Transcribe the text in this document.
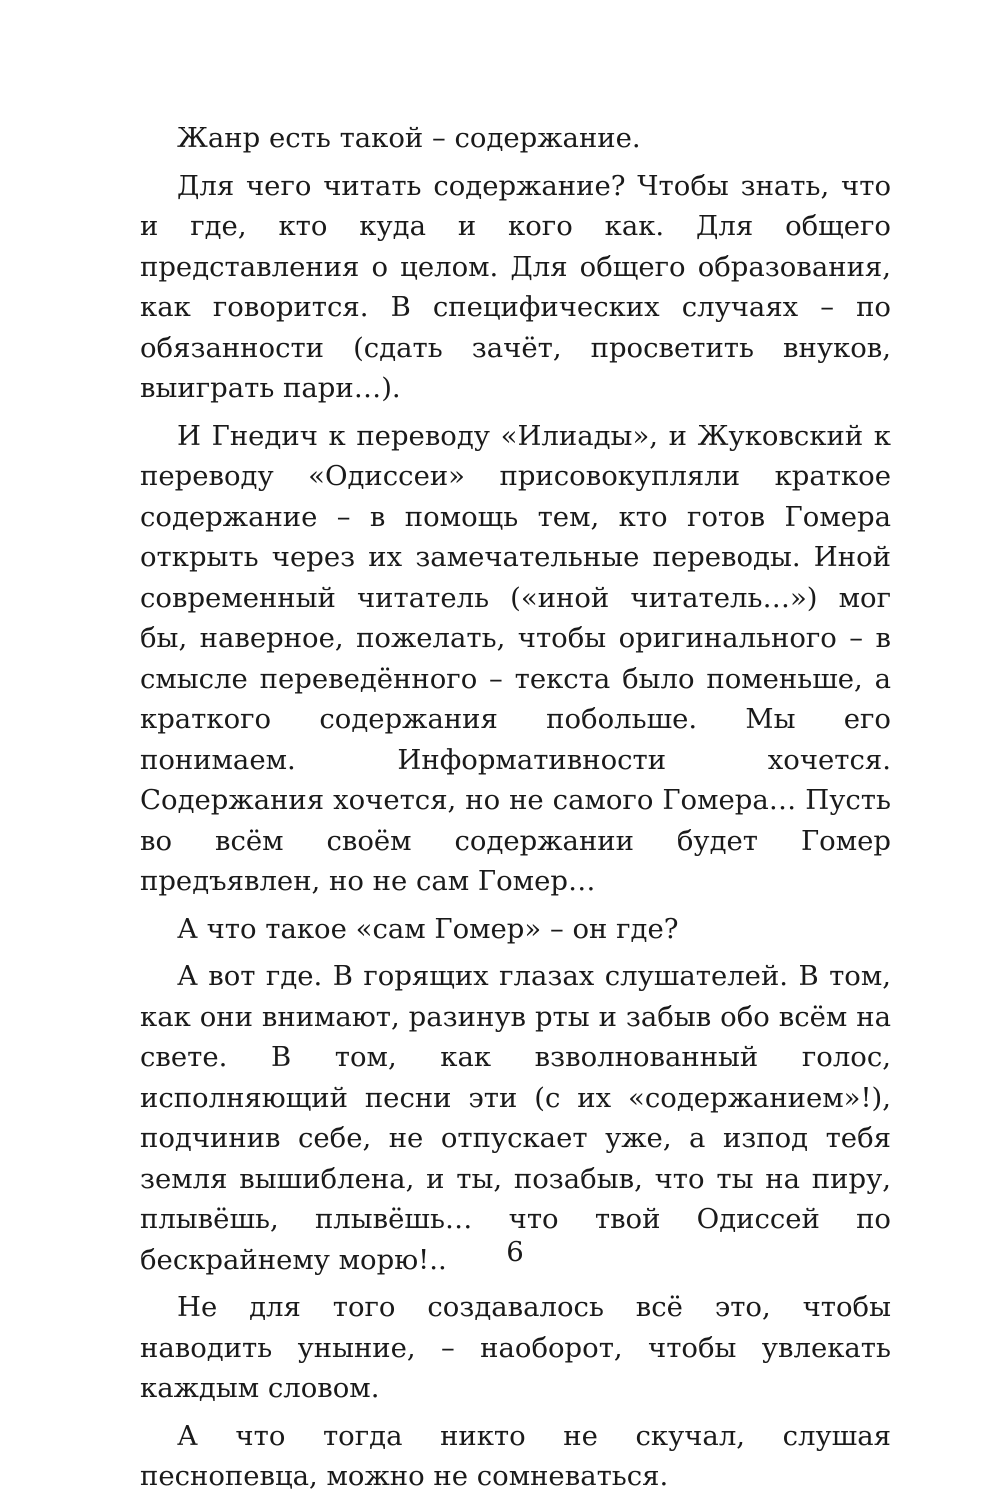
Жанр есть такой – содержание.

Для чего читать содержание? Чтобы знать, что и где, кто куда и кого как. Для общего представления о целом. Для общего образования, как говорится. В специфических случаях – по обязанности (сдать зачёт, просветить внуков, выиграть пари…).

И Гнедич к переводу «Илиады», и Жуковский к переводу «Одиссеи» присовокупляли краткое содержание – в помощь тем, кто готов Гомера открыть через их замечательные переводы. Иной современный читатель («иной читатель…») мог бы, наверное, пожелать, чтобы оригинального – в смысле переведённого – текста было поменьше, а краткого содержания побольше. Мы его понимаем. Информативности хочется. Содержания хочется, но не самого Гомера… Пусть во всём своём содержании будет Гомер предъявлен, но не сам Гомер…

А что такое «сам Гомер» – он где?

А вот где. В горящих глазах слушателей. В том, как они внимают, разинув рты и забыв обо всём на свете. В том, как взволнованный голос, исполняющий песни эти (с их «содержанием»!), подчинив себе, не отпускает уже, а изпод тебя земля вышиблена, и ты, позабыв, что ты на пиру, плывёшь, плывёшь… что твой Одиссей по бескрайнему морю!..

Не для того создавалось всё это, чтобы наводить уныние, – наоборот, чтобы увлекать каждым словом.

А что тогда никто не скучал, слушая песнопевца, можно не сомневаться.

6
